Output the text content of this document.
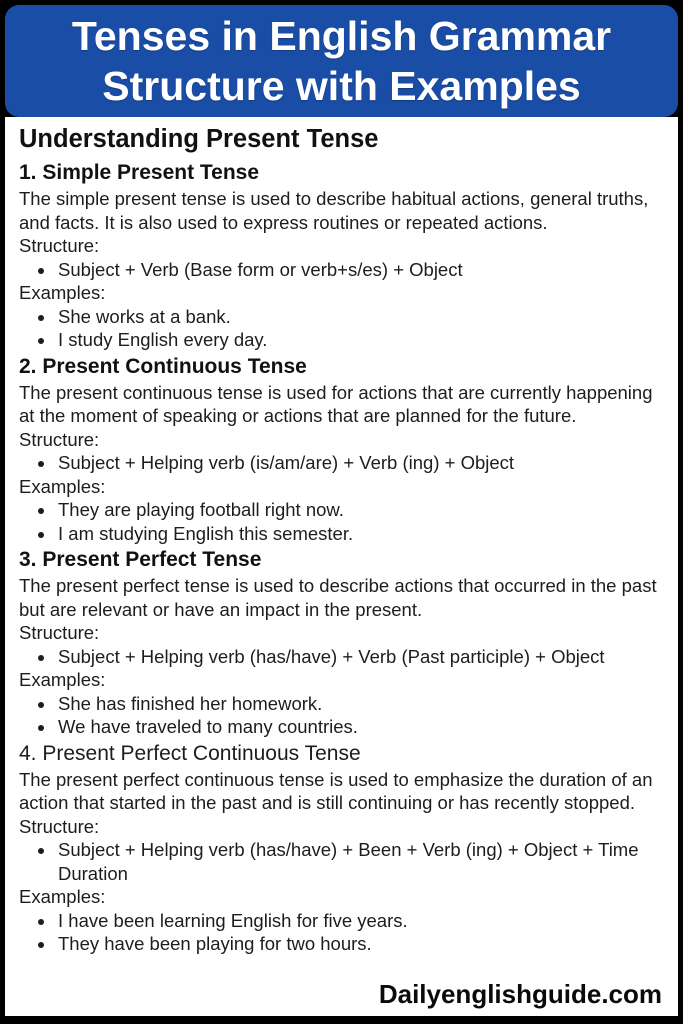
Tenses in English Grammar
Structure with Examples
Understanding Present Tense
1. Simple Present Tense

The simple present tense is used to describe habitual actions, general truths, and facts. It is also used to express routines or repeated actions.

Structure:
• Subject + Verb (Base form or verb+s/es) + Object
Examples:
• She works at a bank.
• I study English every day.
2. Present Continuous Tense

The present continuous tense is used for actions that are currently happening at the moment of speaking or actions that are planned for the future.

Structure:
• Subject + Helping verb (is/am/are) + Verb (ing) + Object
Examples:
• They are playing football right now.
• I am studying English this semester.
3. Present Perfect Tense

The present perfect tense is used to describe actions that occurred in the past but are relevant or have an impact in the present.

Structure:
• Subject + Helping verb (has/have) + Verb (Past participle) + Object
Examples:
• She has finished her homework.
• We have traveled to many countries.
4. Present Perfect Continuous Tense

The present perfect continuous tense is used to emphasize the duration of an action that started in the past and is still continuing or has recently stopped.

Structure:
• Subject + Helping verb (has/have) + Been + Verb (ing) + Object + Time Duration
Examples:
• I have been learning English for five years.
• They have been playing for two hours.
Dailyenglishguide.com
